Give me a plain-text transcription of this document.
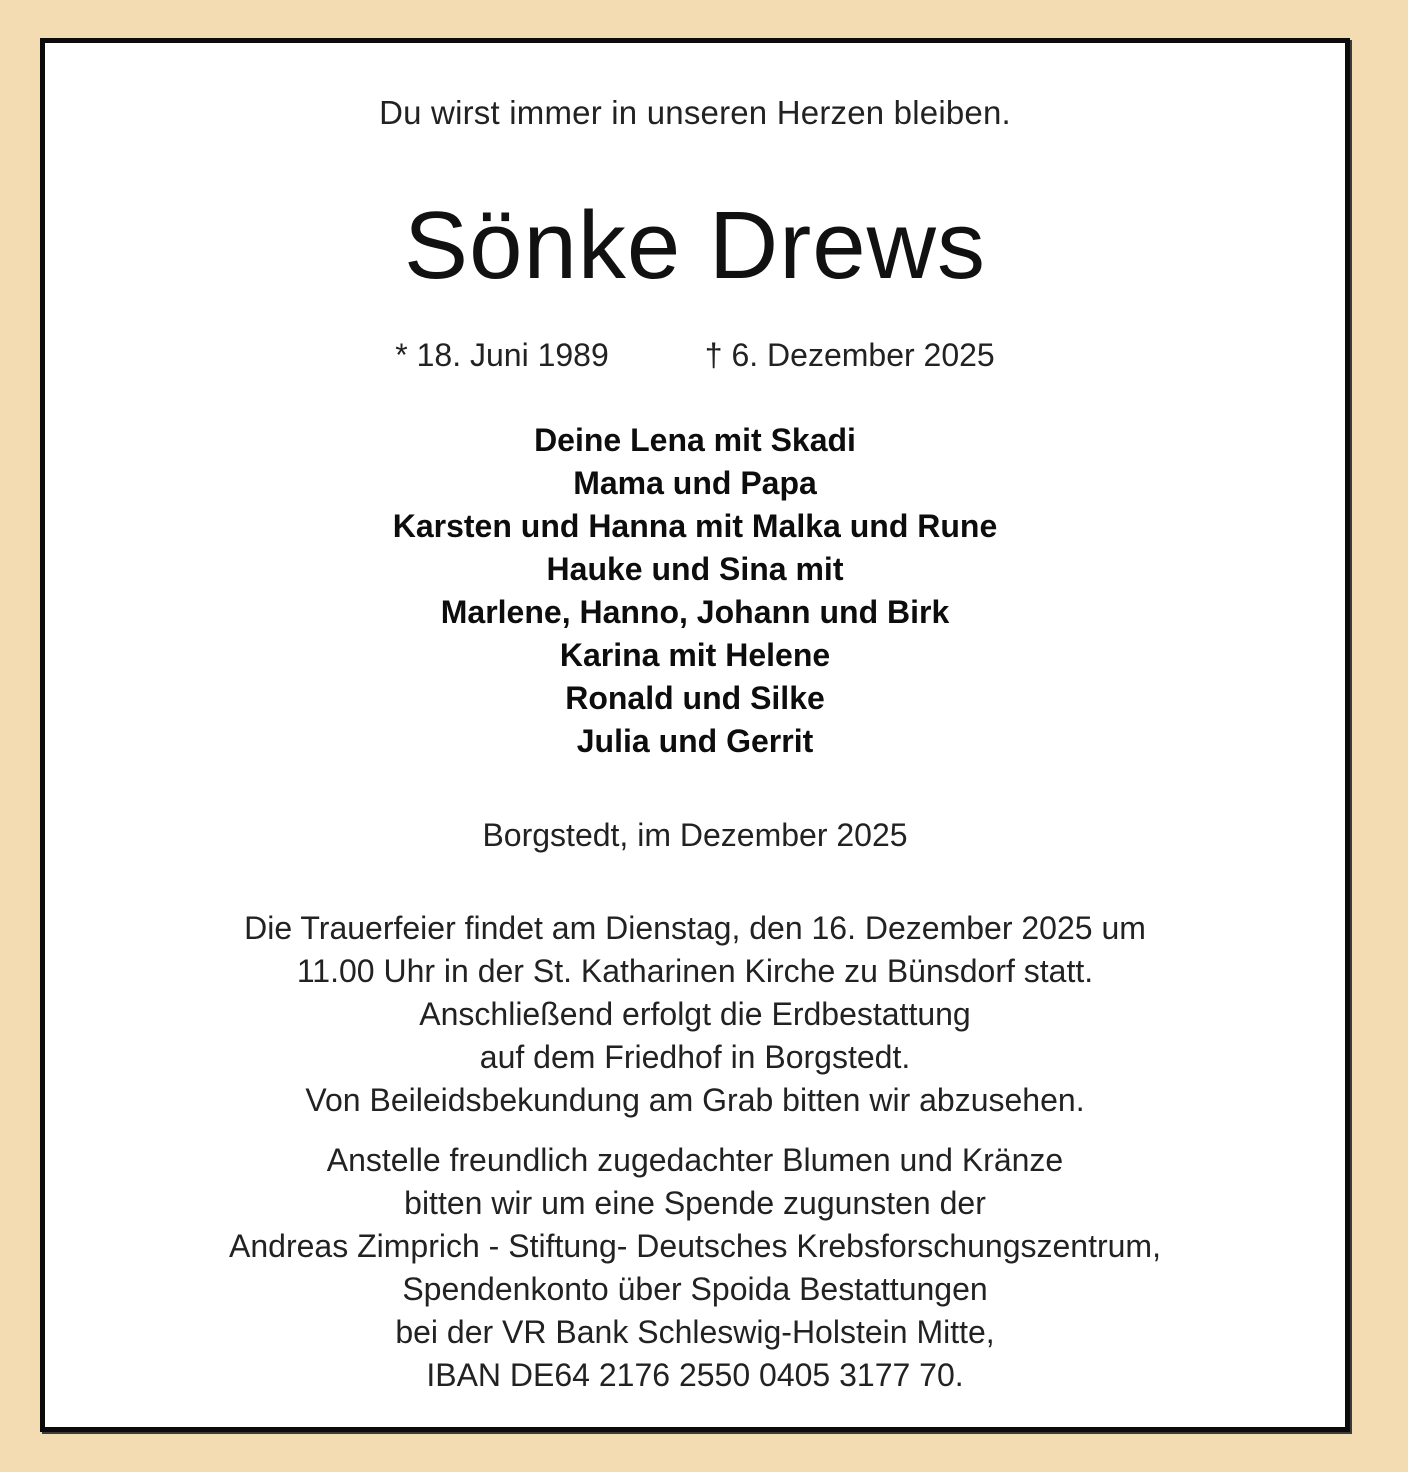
Du wirst immer in unseren Herzen bleiben.
Sönke Drews
* 18. Juni 1989	† 6. Dezember 2025
Deine Lena mit Skadi
Mama und Papa
Karsten und Hanna mit Malka und Rune
Hauke und Sina mit
Marlene, Hanno, Johann und Birk
Karina mit Helene
Ronald und Silke
Julia und Gerrit
Borgstedt, im Dezember 2025
Die Trauerfeier findet am Dienstag, den 16. Dezember 2025 um
11.00 Uhr in der St. Katharinen Kirche zu Bünsdorf statt.
Anschließend erfolgt die Erdbestattung
auf dem Friedhof in Borgstedt.
Von Beileidsbekundung am Grab bitten wir abzusehen.
Anstelle freundlich zugedachter Blumen und Kränze
bitten wir um eine Spende zugunsten der
Andreas Zimprich - Stiftung- Deutsches Krebsforschungszentrum,
Spendenkonto über Spoida Bestattungen
bei der VR Bank Schleswig-Holstein Mitte,
IBAN DE64 2176 2550 0405 3177 70.
